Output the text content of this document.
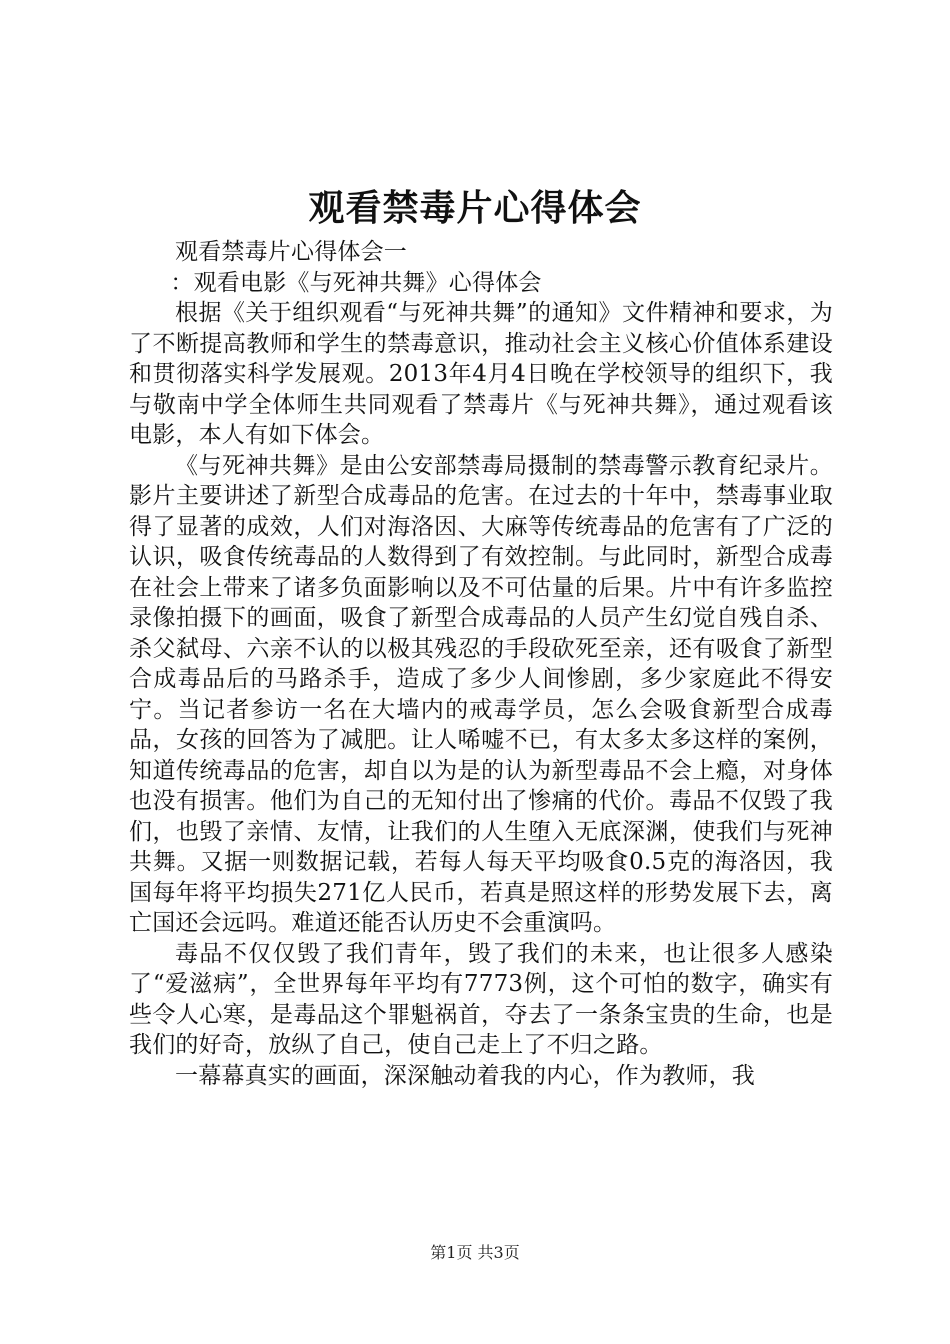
观看禁毒片心得体会

观看禁毒片心得体会一

：观看电影《与死神共舞》心得体会

根据《关于组织观看“与死神共舞”的通知》文件精神和要求，为了不断提高教师和学生的禁毒意识，推动社会主义核心价值体系建设和贯彻落实科学发展观。2013年4月4日晚在学校领导的组织下，我与敬南中学全体师生共同观看了禁毒片《与死神共舞》，通过观看该电影，本人有如下体会。

《与死神共舞》是由公安部禁毒局摄制的禁毒警示教育纪录片。影片主要讲述了新型合成毒品的危害。在过去的十年中，禁毒事业取得了显著的成效，人们对海洛因、大麻等传统毒品的危害有了广泛的认识，吸食传统毒品的人数得到了有效控制。与此同时，新型合成毒在社会上带来了诸多负面影响以及不可估量的后果。片中有许多监控录像拍摄下的画面，吸食了新型合成毒品的人员产生幻觉自残自杀、杀父弑母、六亲不认的以极其残忍的手段砍死至亲，还有吸食了新型合成毒品后的马路杀手，造成了多少人间惨剧，多少家庭此不得安宁。当记者参访一名在大墙内的戒毒学员，怎么会吸食新型合成毒品，女孩的回答为了减肥。让人唏嘘不已，有太多太多这样的案例，知道传统毒品的危害，却自以为是的认为新型毒品不会上瘾，对身体也没有损害。他们为自己的无知付出了惨痛的代价。毒品不仅毁了我们，也毁了亲情、友情，让我们的人生堕入无底深渊，使我们与死神共舞。又据一则数据记载，若每人每天平均吸食0.5克的海洛因，我国每年将平均损失271亿人民币，若真是照这样的形势发展下去，离亡国还会远吗。难道还能否认历史不会重演吗。

毒品不仅仅毁了我们青年，毁了我们的未来，也让很多人感染了“爱滋病”，全世界每年平均有7773例，这个可怕的数字，确实有些令人心寒，是毒品这个罪魁祸首，夺去了一条条宝贵的生命，也是我们的好奇，放纵了自己，使自己走上了不归之路。

一幕幕真实的画面，深深触动着我的内心，作为教师，我

第1页 共3页
